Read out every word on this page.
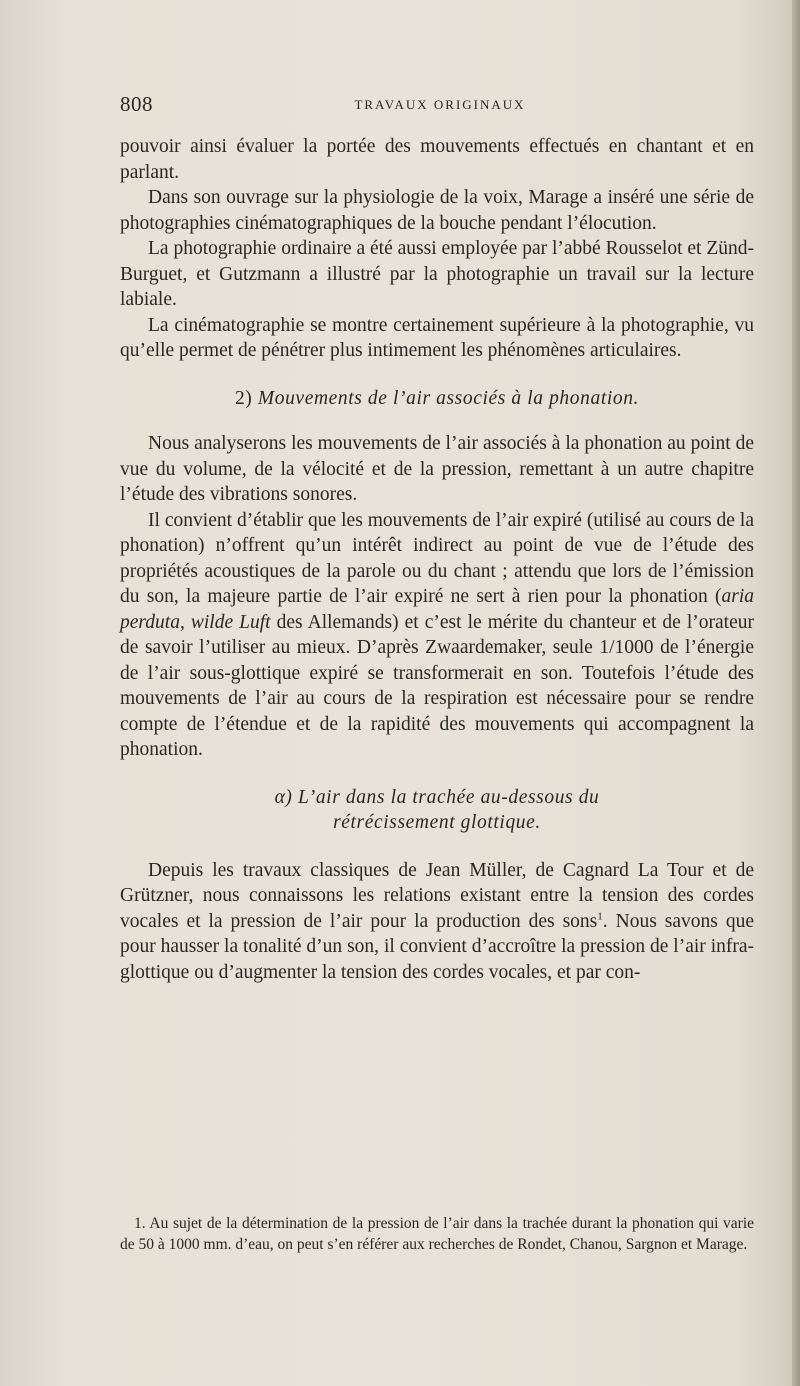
808	TRAVAUX ORIGINAUX

pouvoir ainsi évaluer la portée des mouvements effectués en chantant et en parlant.

Dans son ouvrage sur la physiologie de la voix, Marage a inséré une série de photographies cinématographiques de la bouche pendant l’élocution.

La photographie ordinaire a été aussi employée par l’abbé Rousselot et Zünd-Burguet, et Gutzmann a illustré par la photographie un travail sur la lecture labiale.

La cinématographie se montre certainement supérieure à la photographie, vu qu’elle permet de pénétrer plus intimement les phénomènes articulaires.

2) Mouvements de l’air associés à la phonation.

Nous analyserons les mouvements de l’air associés à la phonation au point de vue du volume, de la vélocité et de la pression, remettant à un autre chapitre l’étude des vibrations sonores.

Il convient d’établir que les mouvements de l’air expiré (utilisé au cours de la phonation) n’offrent qu’un intérêt indirect au point de vue de l’étude des propriétés acoustiques de la parole ou du chant ; attendu que lors de l’émission du son, la majeure partie de l’air expiré ne sert à rien pour la phonation (aria perduta, wilde Luft des Allemands) et c’est le mérite du chanteur et de l’orateur de savoir l’utiliser au mieux. D’après Zwaardemaker, seule 1/1000 de l’énergie de l’air sous-glottique expiré se transformerait en son. Toutefois l’étude des mouvements de l’air au cours de la respiration est nécessaire pour se rendre compte de l’étendue et de la rapidité des mouvements qui accompagnent la phonation.

α) L’air dans la trachée au-dessous du
rétrécissement glottique.

Depuis les travaux classiques de Jean Müller, de Cagnard La Tour et de Grützner, nous connaissons les relations existant entre la tension des cordes vocales et la pression de l’air pour la production des sons$^1$. Nous savons que pour hausser la tonalité d’un son, il convient d’accroître la pression de l’air infra-glottique ou d’augmenter la tension des cordes vocales, et par con-

1. Au sujet de la détermination de la pression de l’air dans la trachée durant la phonation qui varie de 50 à 1000 mm. d’eau, on peut s’en référer aux recherches de Rondet, Chanou, Sargnon et Marage.
